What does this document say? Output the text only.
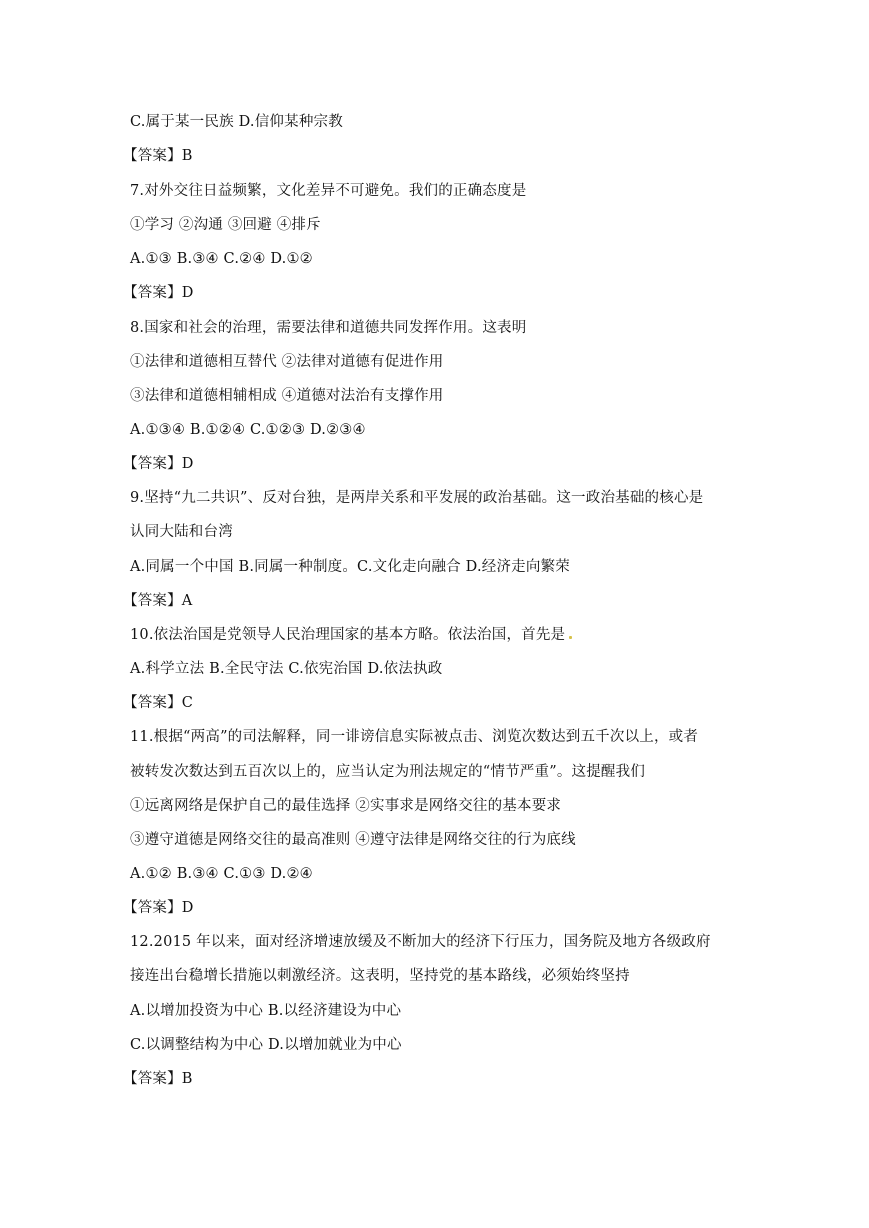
C.属于某一民族 D.信仰某种宗教
【答案】B
7.对外交往日益频繁，文化差异不可避免。我们的正确态度是
①学习 ②沟通 ③回避 ④排斥
A.①③ B.③④ C.②④ D.①②
【答案】D
8.国家和社会的治理，需要法律和道德共同发挥作用。这表明
①法律和道德相互替代 ②法律对道德有促进作用
③法律和道德相辅相成 ④道德对法治有支撑作用
A.①③④ B.①②④ C.①②③ D.②③④
【答案】D
9.坚持“九二共识”、反对台独，是两岸关系和平发展的政治基础。这一政治基础的核心是
认同大陆和台湾
A.同属一个中国 B.同属一种制度。C.文化走向融合 D.经济走向繁荣
【答案】A
10.依法治国是党领导人民治理国家的基本方略。依法治国，首先是
A.科学立法 B.全民守法 C.依宪治国 D.依法执政
【答案】C
11.根据“两高”的司法解释，同一诽谤信息实际被点击、浏览次数达到五千次以上，或者
被转发次数达到五百次以上的，应当认定为刑法规定的“情节严重”。这提醒我们
①远离网络是保护自己的最佳选择 ②实事求是网络交往的基本要求
③遵守道德是网络交往的最高准则 ④遵守法律是网络交往的行为底线
A.①② B.③④ C.①③ D.②④
【答案】D
12.2015 年以来，面对经济增速放缓及不断加大的经济下行压力，国务院及地方各级政府
接连出台稳增长措施以刺激经济。这表明，坚持党的基本路线，必须始终坚持
A.以增加投资为中心 B.以经济建设为中心
C.以调整结构为中心 D.以增加就业为中心
【答案】B
